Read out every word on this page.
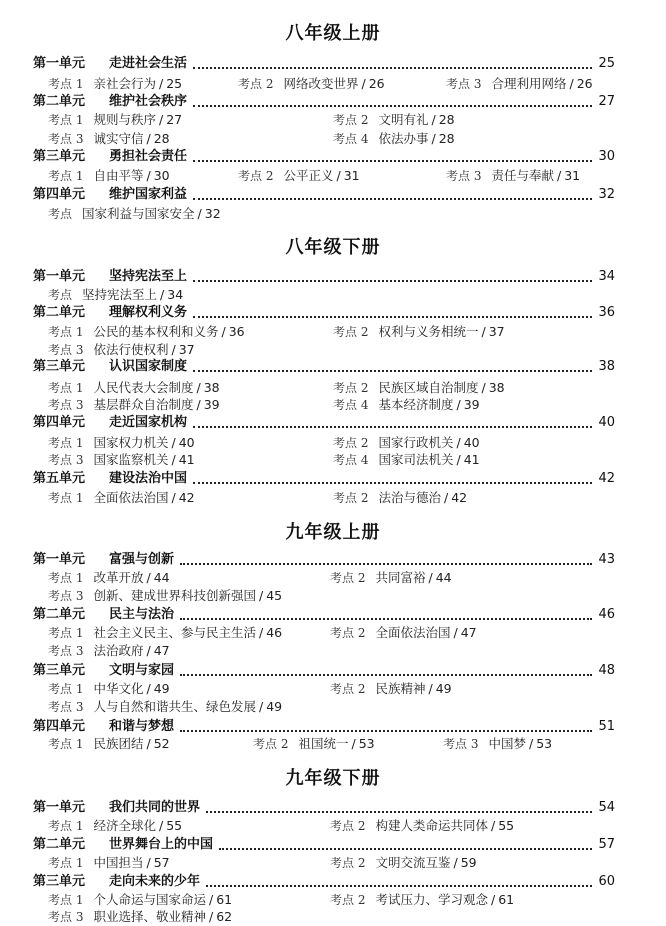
八年级上册
第一单元	走进社会生活	25
考点 1 亲社会行为 / 25	考点 2 网络改变世界 / 26	考点 3 合理利用网络 / 26
第二单元	维护社会秩序	27
考点 1 规则与秩序 / 27	考点 2 文明有礼 / 28
考点 3 诚实守信 / 28	考点 4 依法办事 / 28
第三单元	勇担社会责任	30
考点 1 自由平等 / 30	考点 2 公平正义 / 31	考点 3 责任与奉献 / 31
第四单元	维护国家利益	32
考点 国家利益与国家安全 / 32
八年级下册
第一单元	坚持宪法至上	34
考点 坚持宪法至上 / 34
第二单元	理解权利义务	36
考点 1 公民的基本权利和义务 / 36	考点 2 权利与义务相统一 / 37
考点 3 依法行使权利 / 37
第三单元	认识国家制度	38
考点 1 人民代表大会制度 / 38	考点 2 民族区域自治制度 / 38
考点 3 基层群众自治制度 / 39	考点 4 基本经济制度 / 39
第四单元	走近国家机构	40
考点 1 国家权力机关 / 40	考点 2 国家行政机关 / 40
考点 3 国家监察机关 / 41	考点 4 国家司法机关 / 41
第五单元	建设法治中国	42
考点 1 全面依法治国 / 42	考点 2 法治与德治 / 42
九年级上册
第一单元	富强与创新	43
考点 1 改革开放 / 44	考点 2 共同富裕 / 44
考点 3 创新、建成世界科技创新强国 / 45
第二单元	民主与法治	46
考点 1 社会主义民主、参与民主生活 / 46	考点 2 全面依法治国 / 47
考点 3 法治政府 / 47
第三单元	文明与家园	48
考点 1 中华文化 / 49	考点 2 民族精神 / 49
考点 3 人与自然和谐共生、绿色发展 / 49
第四单元	和谐与梦想	51
考点 1 民族团结 / 52	考点 2 祖国统一 / 53	考点 3 中国梦 / 53
九年级下册
第一单元	我们共同的世界	54
考点 1 经济全球化 / 55	考点 2 构建人类命运共同体 / 55
第二单元	世界舞台上的中国	57
考点 1 中国担当 / 57	考点 2 文明交流互鉴 / 59
第三单元	走向未来的少年	60
考点 1 个人命运与国家命运 / 61	考点 2 考试压力、学习观念 / 61
考点 3 职业选择、敬业精神 / 62
